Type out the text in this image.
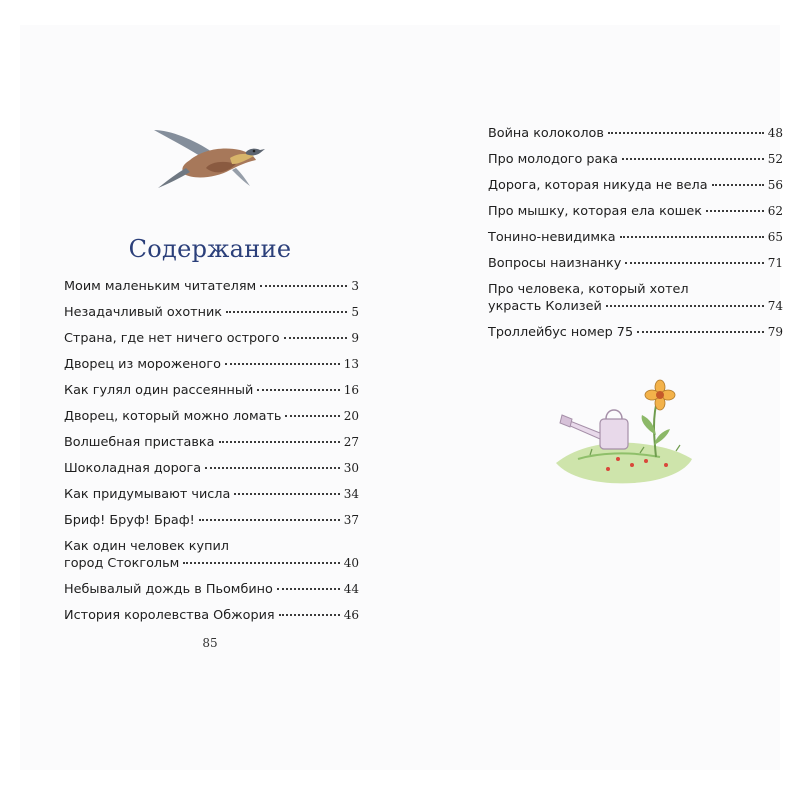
Содержание
Моим маленьким читателям	3
Незадачливый охотник	5
Страна, где нет ничего острого	9
Дворец из мороженого	13
Как гулял один рассеянный	16
Дворец, который можно ломать	20
Волшебная приставка	27
Шоколадная дорога	30
Как придумывают числа	34
Бриф! Бруф! Браф!	37
Как один человек купил
город Стокгольм	40
Небывалый дождь в Пьомбино	44
История королевства Обжория	46
Война колоколов	48
Про молодого рака	52
Дорога, которая никуда не вела	56
Про мышку, которая ела кошек	62
Тонино-невидимка	65
Вопросы наизнанку	71
Про человека, который хотел
украсть Колизей	74
Троллейбус номер 75	79
85
